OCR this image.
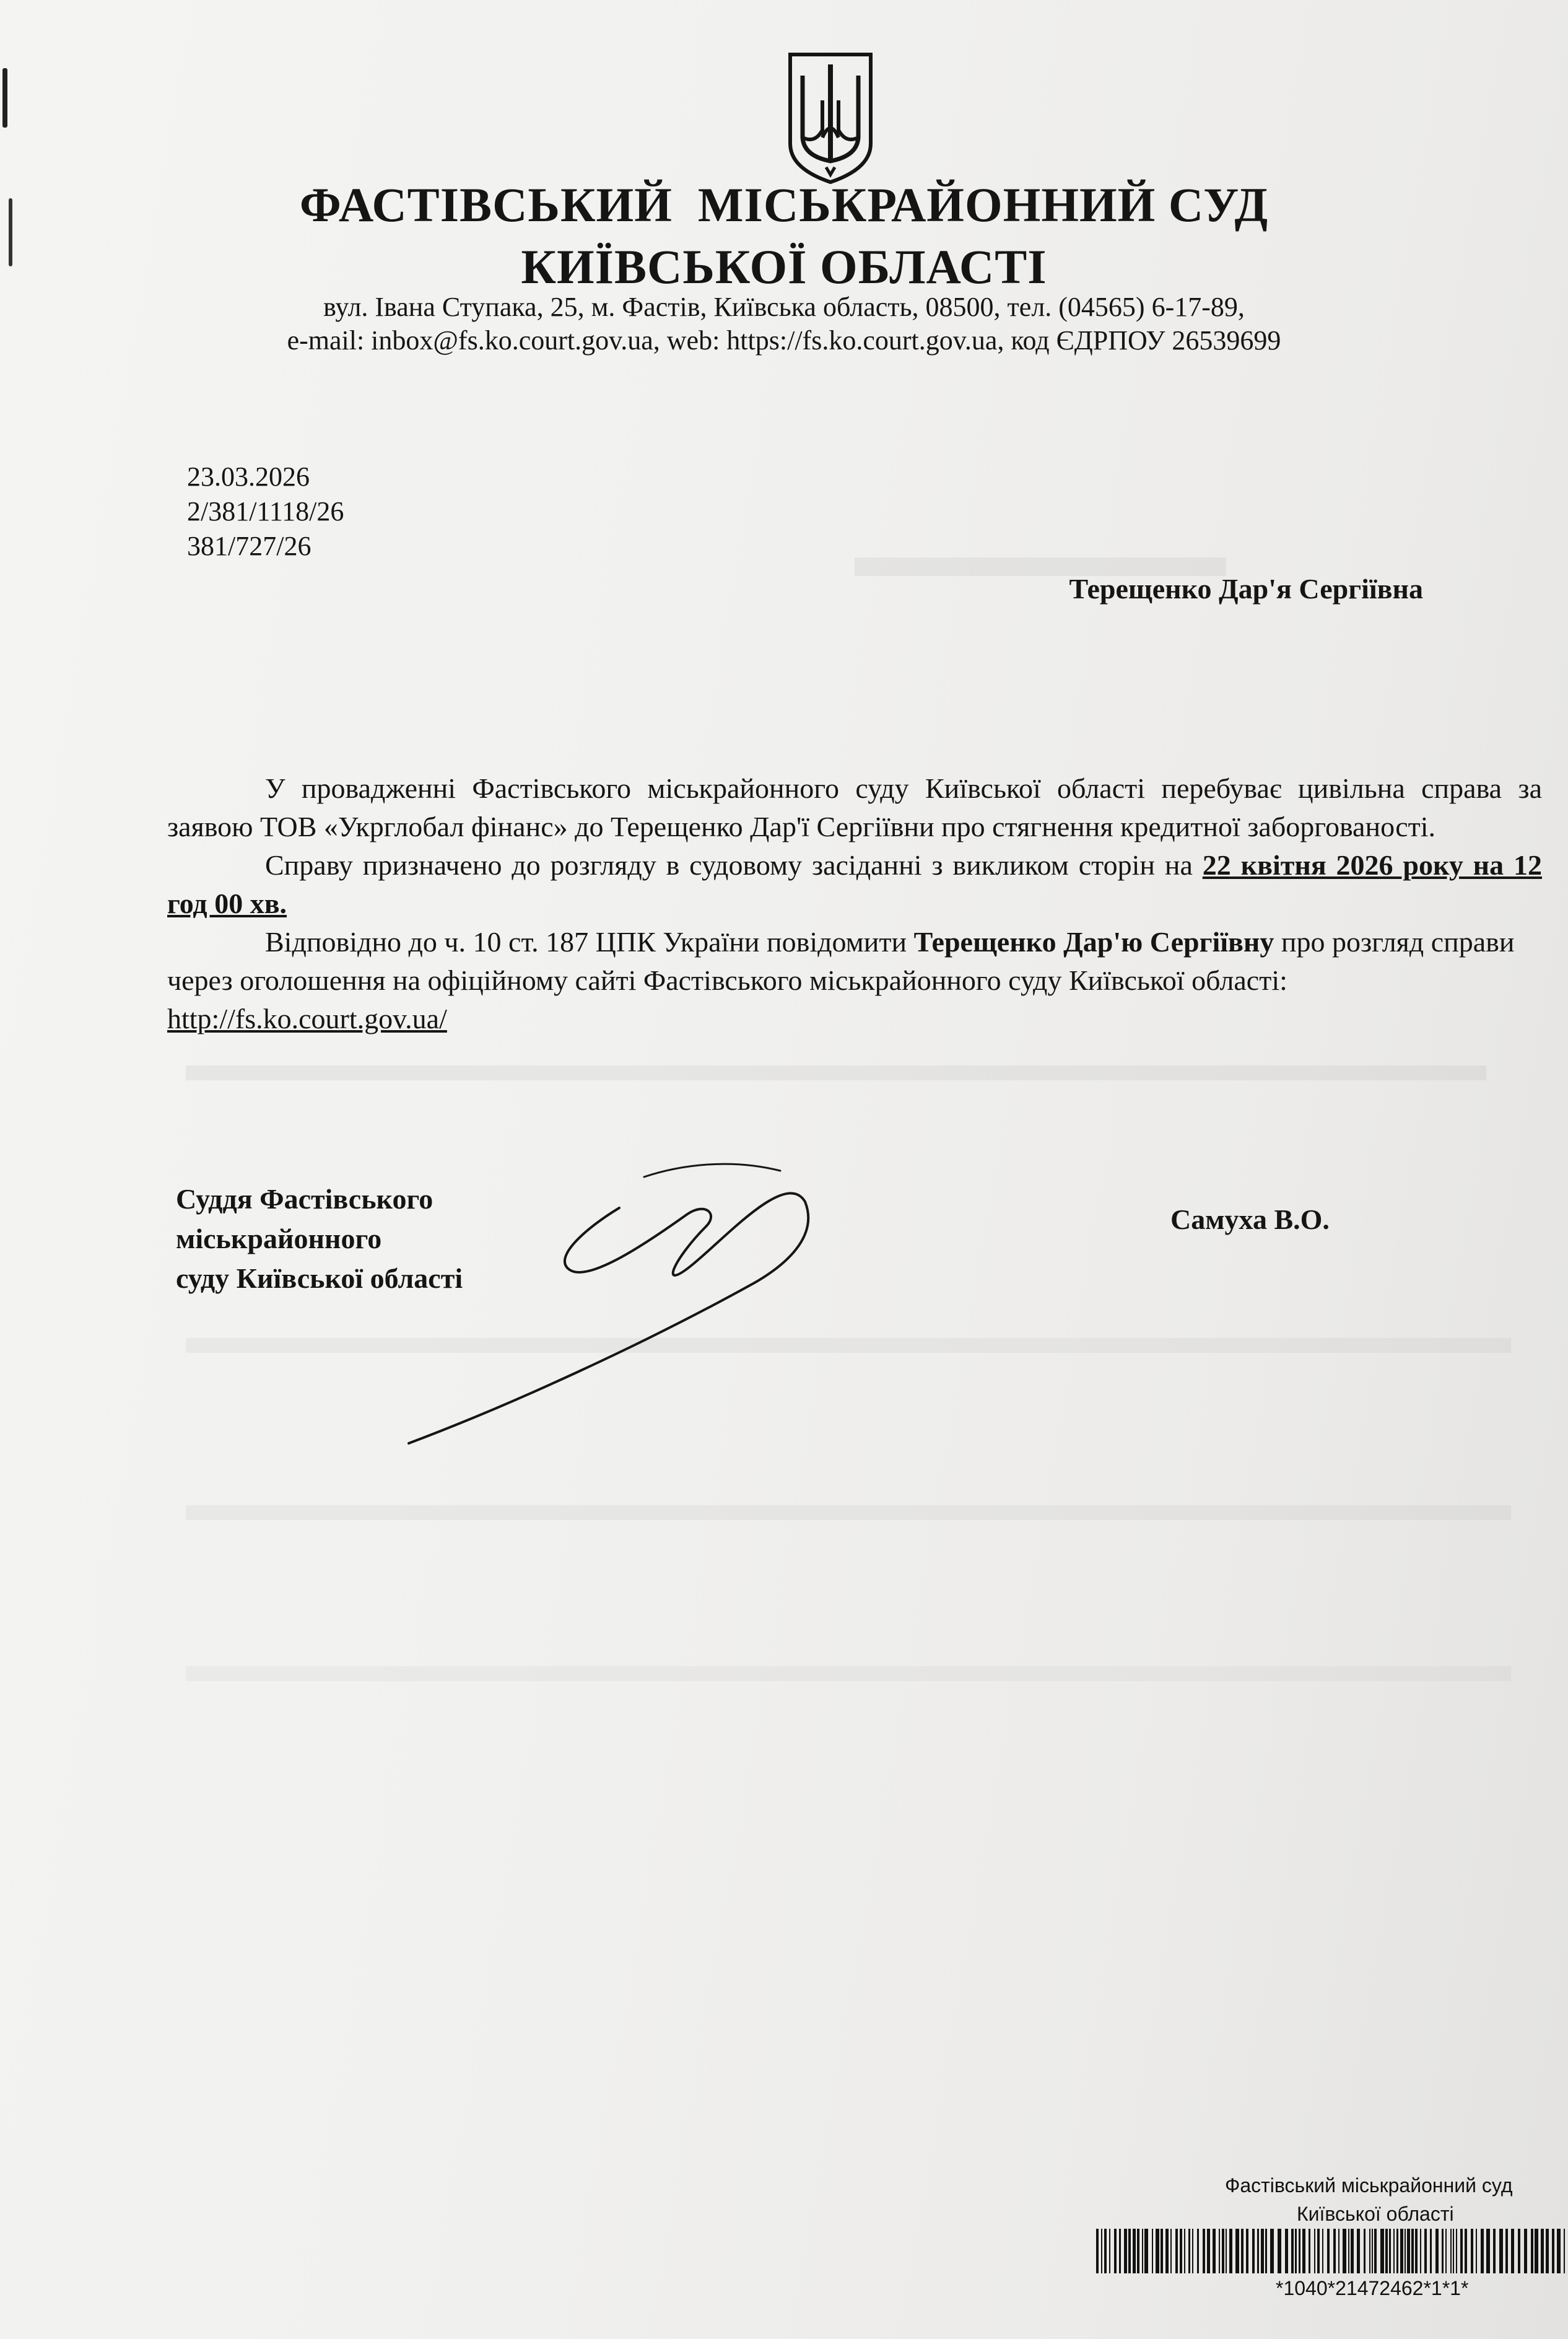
ФАСТІВСЬКИЙ  МІСЬКРАЙОННИЙ СУД
КИЇВСЬКОЇ ОБЛАСТІ
вул. Івана Ступака, 25, м. Фастів, Київська область, 08500, тел. (04565) 6-17-89,
e-mail: inbox@fs.ko.court.gov.ua, web: https://fs.ko.court.gov.ua, код ЄДРПОУ 26539699
23.03.2026
2/381/1118/26
381/727/26
Терещенко Дар'я Сергіївна

У провадженні Фастівського міськрайонного суду Київської області перебуває цивільна справа за заявою ТОВ «Укрглобал фінанс» до Терещенко Дар'ї Сергіївни про стягнення кредитної заборгованості.

Справу призначено до розгляду в судовому засіданні з викликом сторін на 22 квітня 2026 року на 12 год 00 хв.

Відповідно до ч. 10 ст. 187 ЦПК України повідомити Терещенко Дар'ю Сергіївну про розгляд справи через оголошення на офіційному сайті Фастівського міськрайонного суду Київської області: http://fs.ko.court.gov.ua/

Суддя Фастівського
міськрайонного
суду Київської області
Самуха В.О.
Фастівський міськрайонний суд
Київської області
*1040*21472462*1*1*
